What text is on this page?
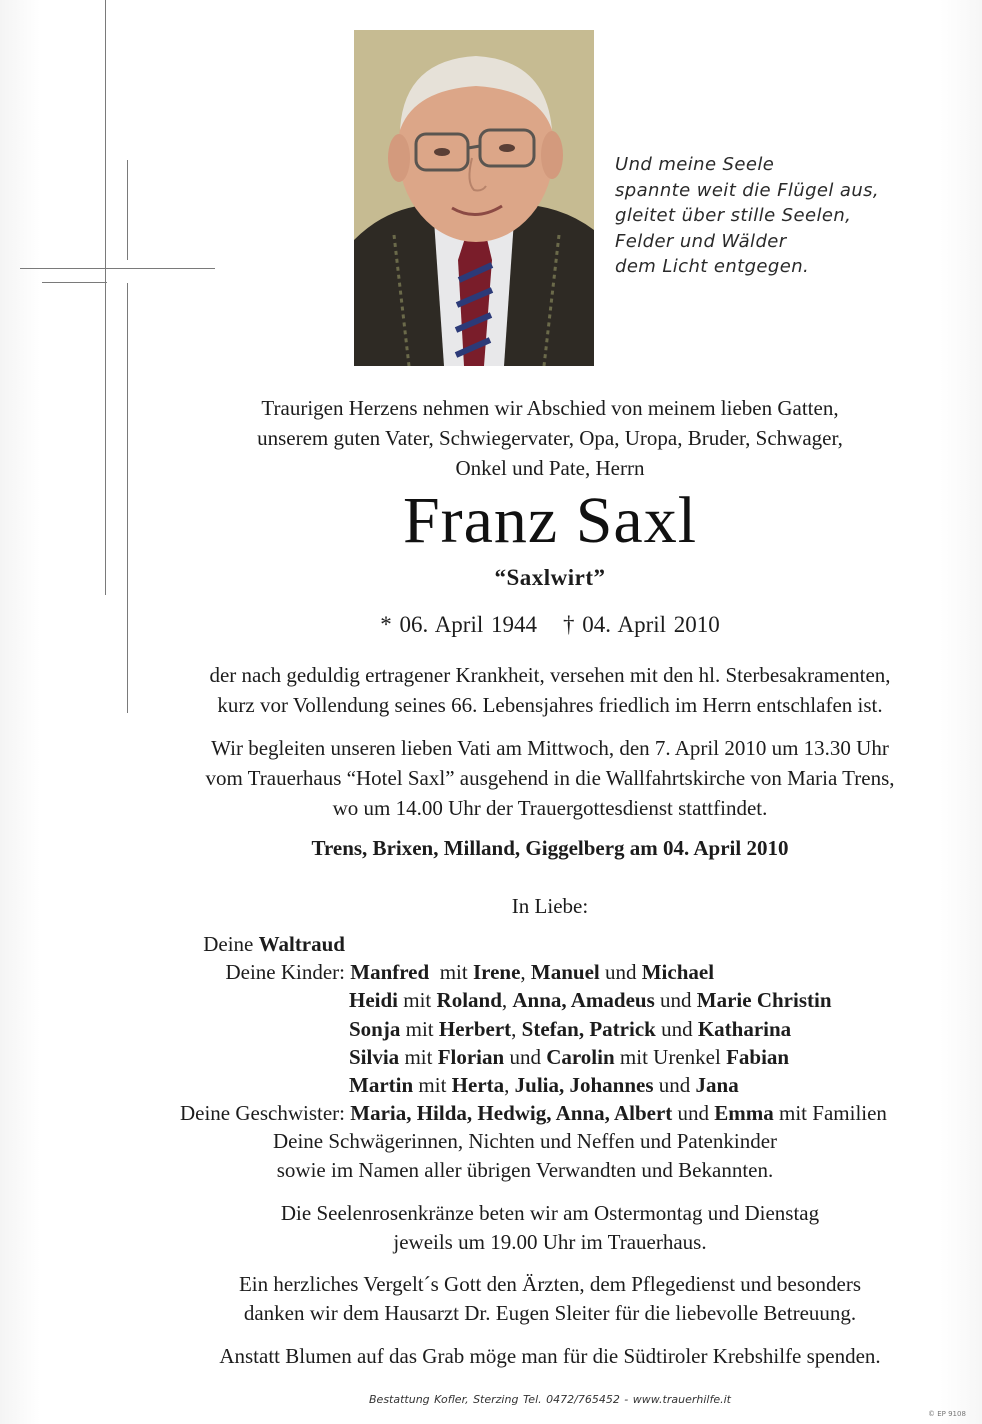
Und meine Seele
spannte weit die Flügel aus,
gleitet über stille Seelen,
Felder und Wälder
dem Licht entgegen.
Traurigen Herzens nehmen wir Abschied von meinem lieben Gatten,
unserem guten Vater, Schwiegervater, Opa, Uropa, Bruder, Schwager,
Onkel und Pate, Herrn
Franz Saxl
“Saxlwirt”
* 06. April 1944 † 04. April 2010
der nach geduldig ertragener Krankheit, versehen mit den hl. Sterbesakramenten,
kurz vor Vollendung seines 66. Lebensjahres friedlich im Herrn entschlafen ist.
Wir begleiten unseren lieben Vati am Mittwoch, den 7. April 2010 um 13.30 Uhr
vom Trauerhaus “Hotel Saxl” ausgehend in die Wallfahrtskirche von Maria Trens,
wo um 14.00 Uhr der Trauergottesdienst stattfindet.
Trens, Brixen, Milland, Giggelberg am 04. April 2010
In Liebe:
Deine Waltraud
Deine Kinder: Manfred  mit Irene, Manuel und Michael
Heidi mit Roland, Anna, Amadeus und Marie Christin
Sonja mit Herbert, Stefan, Patrick und Katharina
Silvia mit Florian und Carolin mit Urenkel Fabian
Martin mit Herta, Julia, Johannes und Jana
Deine Geschwister: Maria, Hilda, Hedwig, Anna, Albert und Emma mit Familien
Deine Schwägerinnen, Nichten und Neffen und Patenkinder
sowie im Namen aller übrigen Verwandten und Bekannten.
Die Seelenrosenkränze beten wir am Ostermontag und Dienstag
jeweils um 19.00 Uhr im Trauerhaus.
Ein herzliches Vergelt´s Gott den Ärzten, dem Pflegedienst und besonders
danken wir dem Hausarzt Dr. Eugen Sleiter für die liebevolle Betreuung.
Anstatt Blumen auf das Grab möge man für die Südtiroler Krebshilfe spenden.
Bestattung Kofler, Sterzing Tel. 0472/765452 - www.trauerhilfe.it
© EP 9108
